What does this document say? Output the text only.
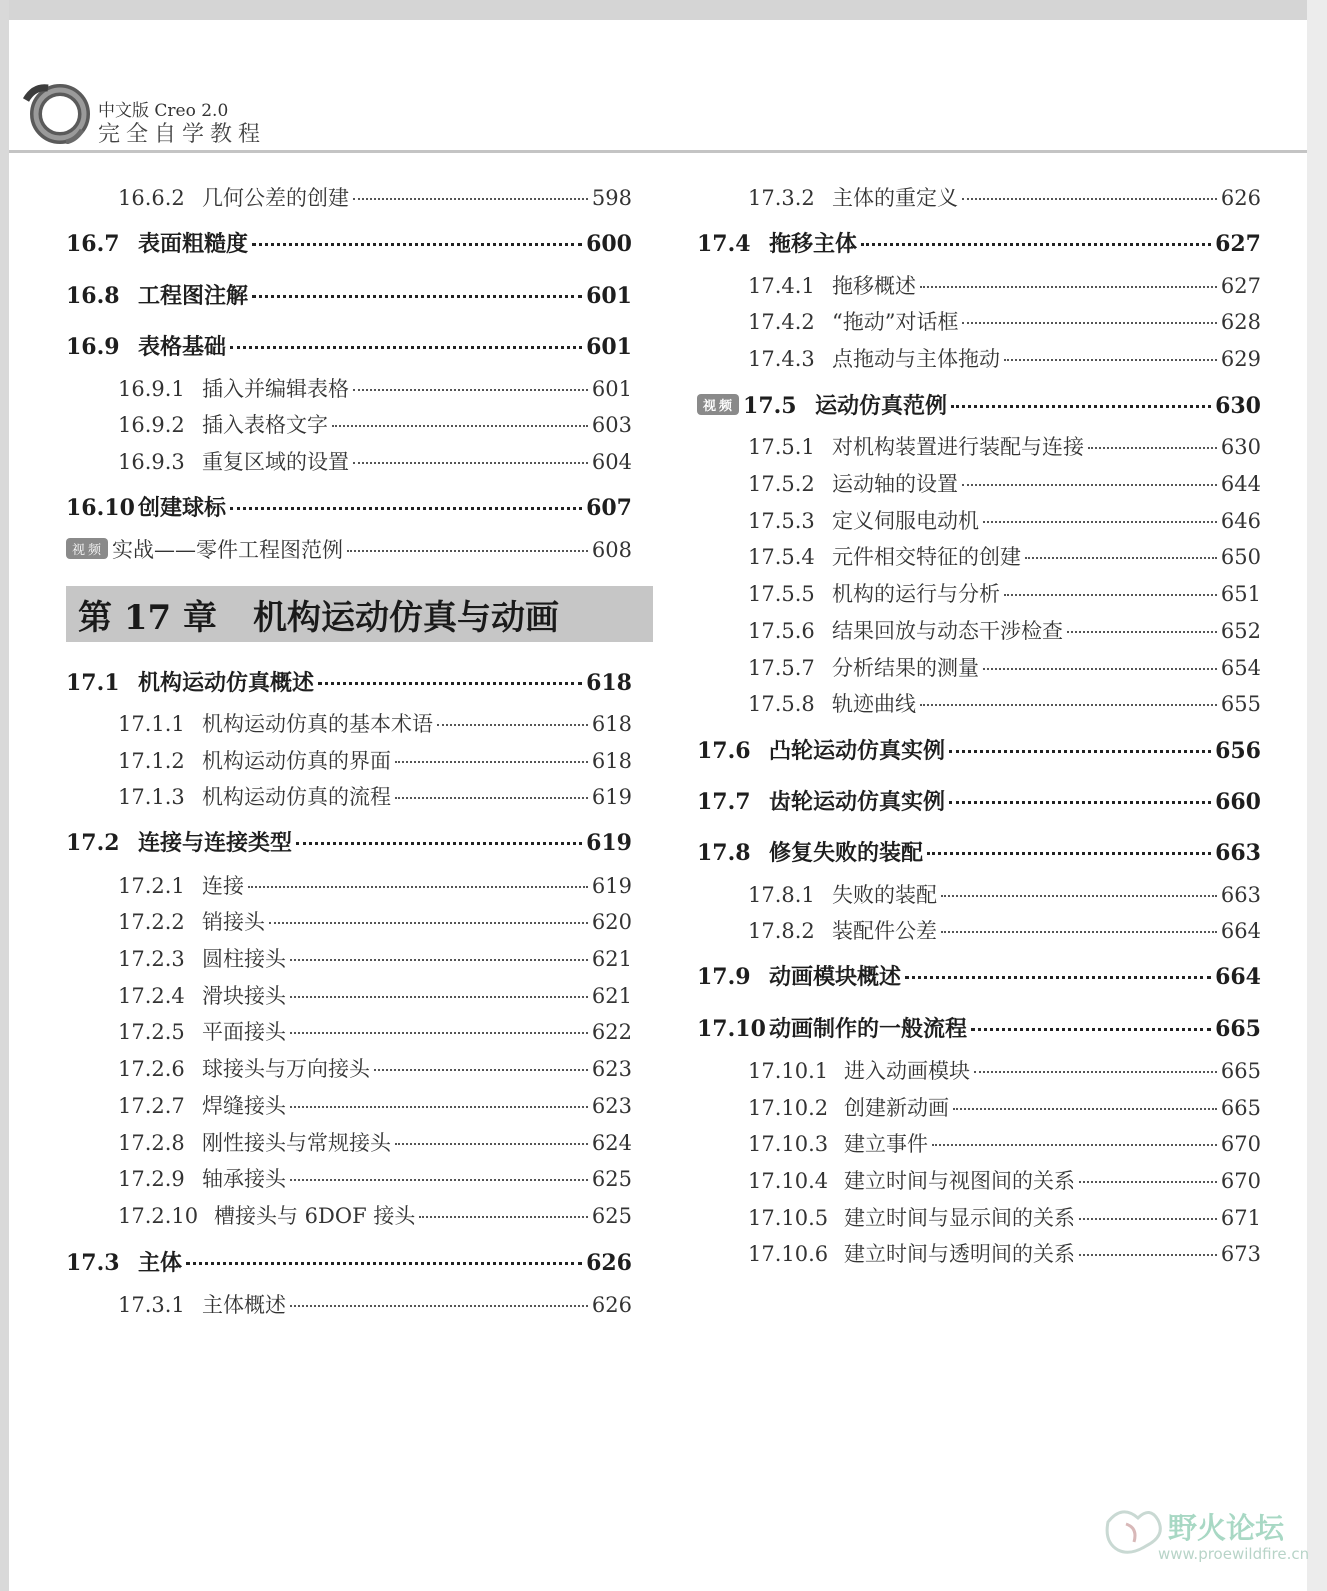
中文版 Creo 2.0
完全自学教程
16.6.2 几何公差的创建	598
16.7 表面粗糙度	600
16.8 工程图注解	601
16.9 表格基础	601
16.9.1 插入并编辑表格	601
16.9.2 插入表格文字	603
16.9.3 重复区域的设置	604
16.10 创建球标	607
视频 实战——零件工程图范例	608
第 17 章 机构运动仿真与动画
17.1 机构运动仿真概述	618
17.1.1 机构运动仿真的基本术语	618
17.1.2 机构运动仿真的界面	618
17.1.3 机构运动仿真的流程	619
17.2 连接与连接类型	619
17.2.1 连接	619
17.2.2 销接头	620
17.2.3 圆柱接头	621
17.2.4 滑块接头	621
17.2.5 平面接头	622
17.2.6 球接头与万向接头	623
17.2.7 焊缝接头	623
17.2.8 刚性接头与常规接头	624
17.2.9 轴承接头	625
17.2.10 槽接头与 6DOF 接头	625
17.3 主体	626
17.3.1 主体概述	626
17.3.2 主体的重定义	626
17.4 拖移主体	627
17.4.1 拖移概述	627
17.4.2 “拖动”对话框	628
17.4.3 点拖动与主体拖动	629
视频 17.5 运动仿真范例	630
17.5.1 对机构装置进行装配与连接	630
17.5.2 运动轴的设置	644
17.5.3 定义伺服电动机	646
17.5.4 元件相交特征的创建	650
17.5.5 机构的运行与分析	651
17.5.6 结果回放与动态干涉检查	652
17.5.7 分析结果的测量	654
17.5.8 轨迹曲线	655
17.6 凸轮运动仿真实例	656
17.7 齿轮运动仿真实例	660
17.8 修复失败的装配	663
17.8.1 失败的装配	663
17.8.2 装配件公差	664
17.9 动画模块概述	664
17.10 动画制作的一般流程	665
17.10.1 进入动画模块	665
17.10.2 创建新动画	665
17.10.3 建立事件	670
17.10.4 建立时间与视图间的关系	670
17.10.5 建立时间与显示间的关系	671
17.10.6 建立时间与透明间的关系	673
野火论坛
www.proewildfire.cn
